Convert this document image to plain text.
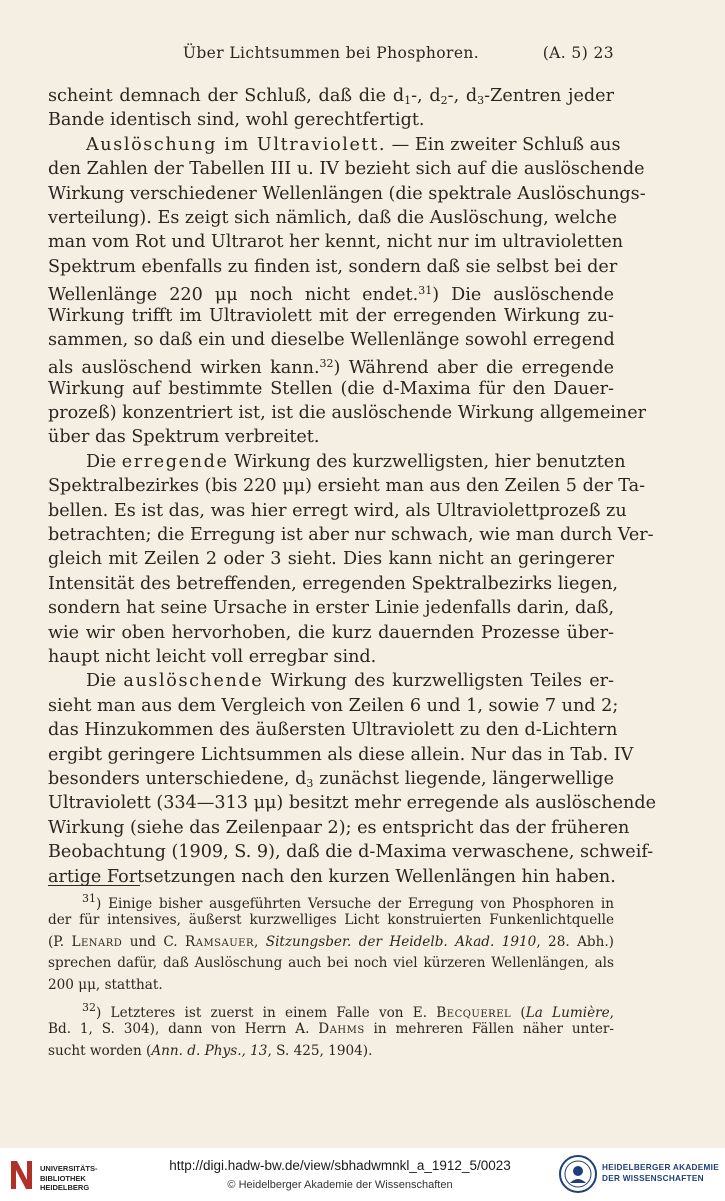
Über Lichtsummen bei Phosphoren.	(A. 5) 23
scheint demnach der Schluß, daß die $d_1-$, $d_2-$, $d_3$-Zentren jeder
Bande identisch sind, wohl gerechtfertigt.
Auslöschung im Ultraviolett. — Ein zweiter Schluß aus
den Zahlen der Tabellen III u. IV bezieht sich auf die auslöschende
Wirkung verschiedener Wellenlängen (die spektrale Auslöschungs-
verteilung). Es zeigt sich nämlich, daß die Auslöschung, welche
man vom Rot und Ultrarot her kennt, nicht nur im ultravioletten
Spektrum ebenfalls zu finden ist, sondern daß sie selbst bei der
Wellenlänge 220 μμ noch nicht endet.$^{31}$) Die auslöschende
Wirkung trifft im Ultraviolett mit der erregenden Wirkung zu-
sammen, so daß ein und dieselbe Wellenlänge sowohl erregend
als auslöschend wirken kann.$^{32}$) Während aber die erregende
Wirkung auf bestimmte Stellen (die d-Maxima für den Dauer-
prozeß) konzentriert ist, ist die auslöschende Wirkung allgemeiner
über das Spektrum verbreitet.
Die erregende Wirkung des kurzwelligsten, hier benutzten
Spektralbezirkes (bis 220 μμ) ersieht man aus den Zeilen 5 der Ta-
bellen. Es ist das, was hier erregt wird, als Ultraviolettprozeß zu
betrachten; die Erregung ist aber nur schwach, wie man durch Ver-
gleich mit Zeilen 2 oder 3 sieht. Dies kann nicht an geringerer
Intensität des betreffenden, erregenden Spektralbezirks liegen,
sondern hat seine Ursache in erster Linie jedenfalls darin, daß,
wie wir oben hervorhoben, die kurz dauernden Prozesse über-
haupt nicht leicht voll erregbar sind.
Die auslöschende Wirkung des kurzwelligsten Teiles er-
sieht man aus dem Vergleich von Zeilen 6 und 1, sowie 7 und 2;
das Hinzukommen des äußersten Ultraviolett zu den d-Lichtern
ergibt geringere Lichtsummen als diese allein. Nur das in Tab. IV
besonders unterschiedene, $d_3$ zunächst liegende, längerwellige
Ultraviolett (334—313 μμ) besitzt mehr erregende als auslöschende
Wirkung (siehe das Zeilenpaar 2); es entspricht das der früheren
Beobachtung (1909, S. 9), daß die d-Maxima verwaschene, schweif-
artige Fortsetzungen nach den kurzen Wellenlängen hin haben.
$^{31}$) Einige bisher ausgeführten Versuche der Erregung von Phosphoren in
der für intensives, äußerst kurzwelliges Licht konstruierten Funkenlichtquelle
(P. Lenard und C. Ramsauer, Sitzungsber. der Heidelb. Akad. 1910, 28. Abh.)
sprechen dafür, daß Auslöschung auch bei noch viel kürzeren Wellenlängen, als
200 μμ, statthat.
$^{32}$) Letzteres ist zuerst in einem Falle von E. Becquerel (La Lumière,
Bd. 1, S. 304), dann von Herrn A. Dahms in mehreren Fällen näher unter-
sucht worden (Ann. d. Phys., 13, S. 425, 1904).
UNIVERSITÄTS-
BIBLIOTHEK
HEIDELBERG
http://digi.hadw-bw.de/view/sbhadwmnkl_a_1912_5/0023
© Heidelberger Akademie der Wissenschaften
HEIDELBERGER AKADEMIE
DER WISSENSCHAFTEN
